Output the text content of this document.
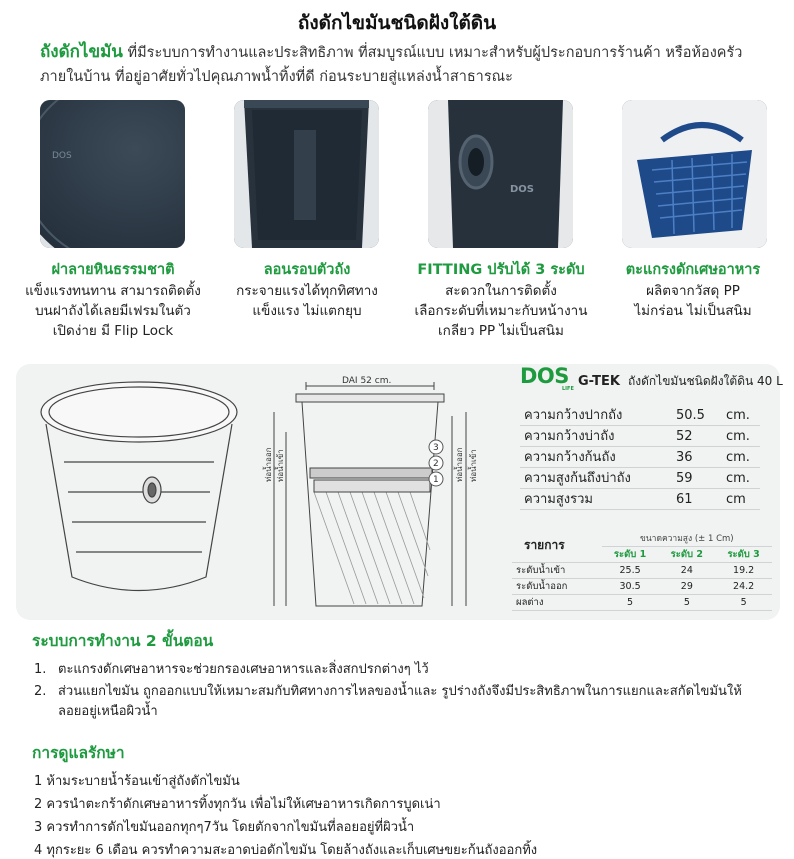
TRADE
ถังดักไขมันชนิดฝังใต้ดิน
ถังดักไขมัน ที่มีระบบการทำงานและประสิทธิภาพ ที่สมบูรณ์แบบ เหมาะสำหรับผู้ประกอบการร้านค้า หรือห้องครัวภายในบ้าน ที่อยู่อาศัยทั่วไปคุณภาพน้ำทิ้งที่ดี ก่อนระบายสู่แหล่งน้ำสาธารณะ
DOS
DOS
ฝาลายหินธรรมชาติ
แข็งแรงทนทาน สามารถติดตั้ง
บนฝาถังได้เลยมีเฟรมในตัว
เปิดง่าย มี Flip Lock
ลอนรอบตัวถัง
กระจายแรงได้ทุกทิศทาง
แข็งแรง ไม่แตกยุบ
FITTING ปรับได้ 3 ระดับ
สะดวกในการติดตั้ง
เลือกระดับที่เหมาะกับหน้างาน
เกลียว PP ไม่เป็นสนิม
ตะแกรงดักเศษอาหาร
ผลิตจากวัสดุ PP
ไม่กร่อน ไม่เป็นสนิม
DAI 52 cm.
ท่อน้ำออก ท่อน้ำเข้า	ท่อน้ำออก ท่อน้ำเข้า
3
2
1
DOS
LIFE G-TEK ถังดักไขมันชนิดฝังใต้ดิน 40 L
ความกว้างปากถัง	50.5 cm.
ความกว้างบ่าถัง	52	cm.
ความกว้างก้นถัง	36	cm.
ความสูงก้นถึงบ่าถัง	59	cm.
ความสูงรวม	61	cm
รายการ	ขนาดความสูง (± 1 Cm)		
	ระดับ 1	ระดับ 2	ระดับ 3
ระดับน้ำเข้า	25.5	24	19.2
ระดับน้ำออก	30.5	29	24.2
ผลต่าง	5	5	5
ระบบการทำงาน 2 ขั้นตอน
1. ตะแกรงดักเศษอาหารจะช่วยกรองเศษอาหารและสิ่งสกปรกต่างๆ ไว้
2. ส่วนแยกไขมัน ถูกออกแบบให้เหมาะสมกับทิศทางการไหลของน้ำและ รูปร่างถังจึงมีประสิทธิภาพในการแยกและสกัดไขมันให้ลอยอยู่เหนือผิวน้ำ
การดูแลรักษา
1 ห้ามระบายน้ำร้อนเข้าสู่ถังดักไขมัน
2 ควรนำตะกร้าดักเศษอาหารทิ้งทุกวัน เพื่อไม่ให้เศษอาหารเกิดการบูดเน่า
3 ควรทำการดักไขมันออกทุกๆ7วัน โดยตักจากไขมันที่ลอยอยู่ที่ผิวน้ำ
4 ทุกระยะ 6 เดือน ควรทำความสะอาดบ่อดักไขมัน โดยล้างถังและเก็บเศษขยะก้นถังออกทิ้ง
